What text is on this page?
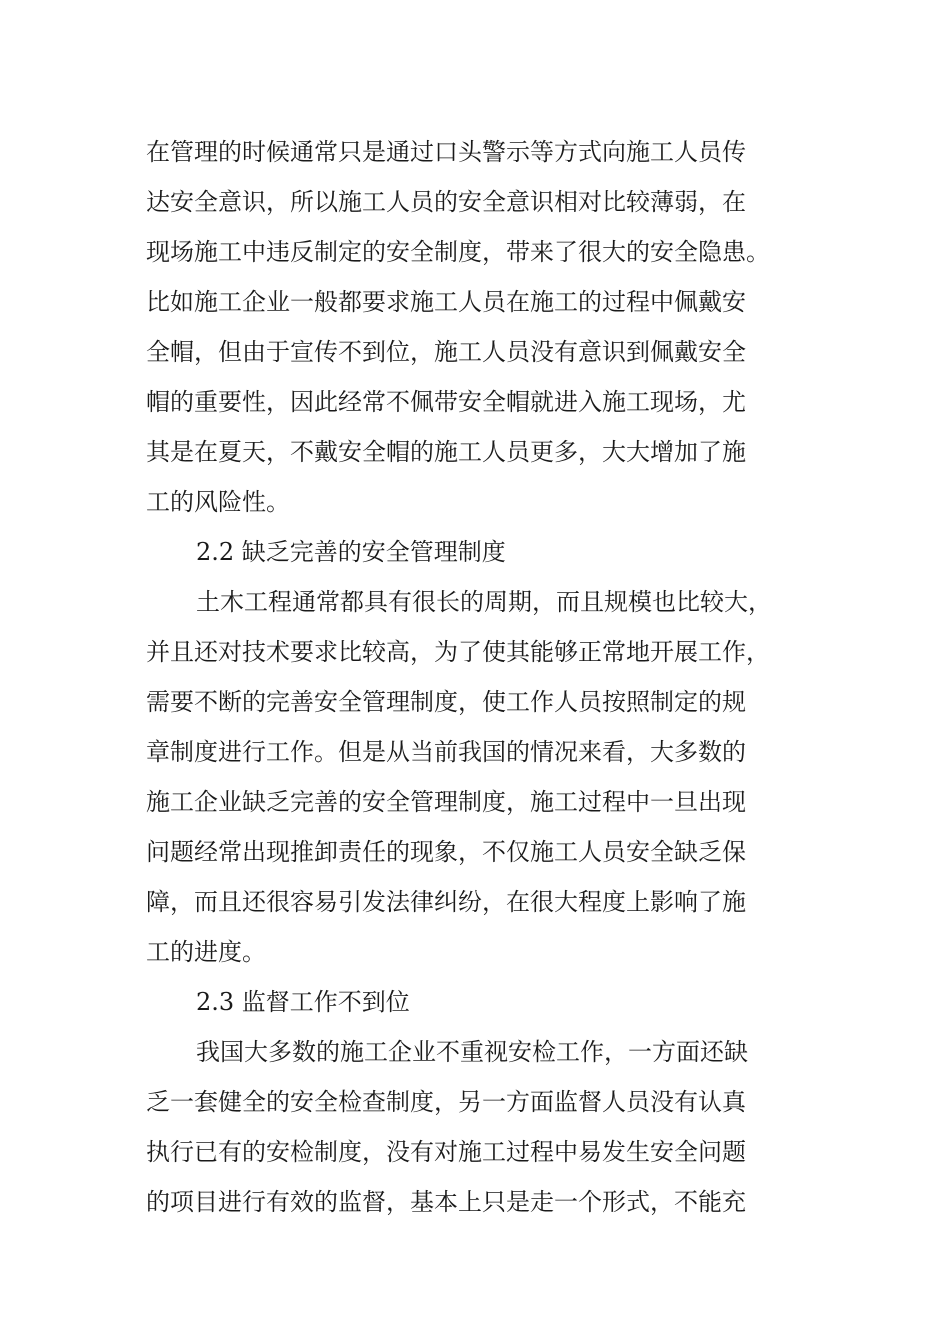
在管理的时候通常只是通过口头警示等方式向施工人员传
达安全意识，所以施工人员的安全意识相对比较薄弱，在
现场施工中违反制定的安全制度，带来了很大的安全隐患。
比如施工企业一般都要求施工人员在施工的过程中佩戴安
全帽，但由于宣传不到位，施工人员没有意识到佩戴安全
帽的重要性，因此经常不佩带安全帽就进入施工现场，尤
其是在夏天，不戴安全帽的施工人员更多，大大增加了施
工的风险性。
2.2 缺乏完善的安全管理制度
土木工程通常都具有很长的周期，而且规模也比较大，
并且还对技术要求比较高，为了使其能够正常地开展工作，
需要不断的完善安全管理制度，使工作人员按照制定的规
章制度进行工作。但是从当前我国的情况来看，大多数的
施工企业缺乏完善的安全管理制度，施工过程中一旦出现
问题经常出现推卸责任的现象，不仅施工人员安全缺乏保
障，而且还很容易引发法律纠纷，在很大程度上影响了施
工的进度。
2.3 监督工作不到位
我国大多数的施工企业不重视安检工作，一方面还缺
乏一套健全的安全检查制度，另一方面监督人员没有认真
执行已有的安检制度，没有对施工过程中易发生安全问题
的项目进行有效的监督，基本上只是走一个形式，不能充
